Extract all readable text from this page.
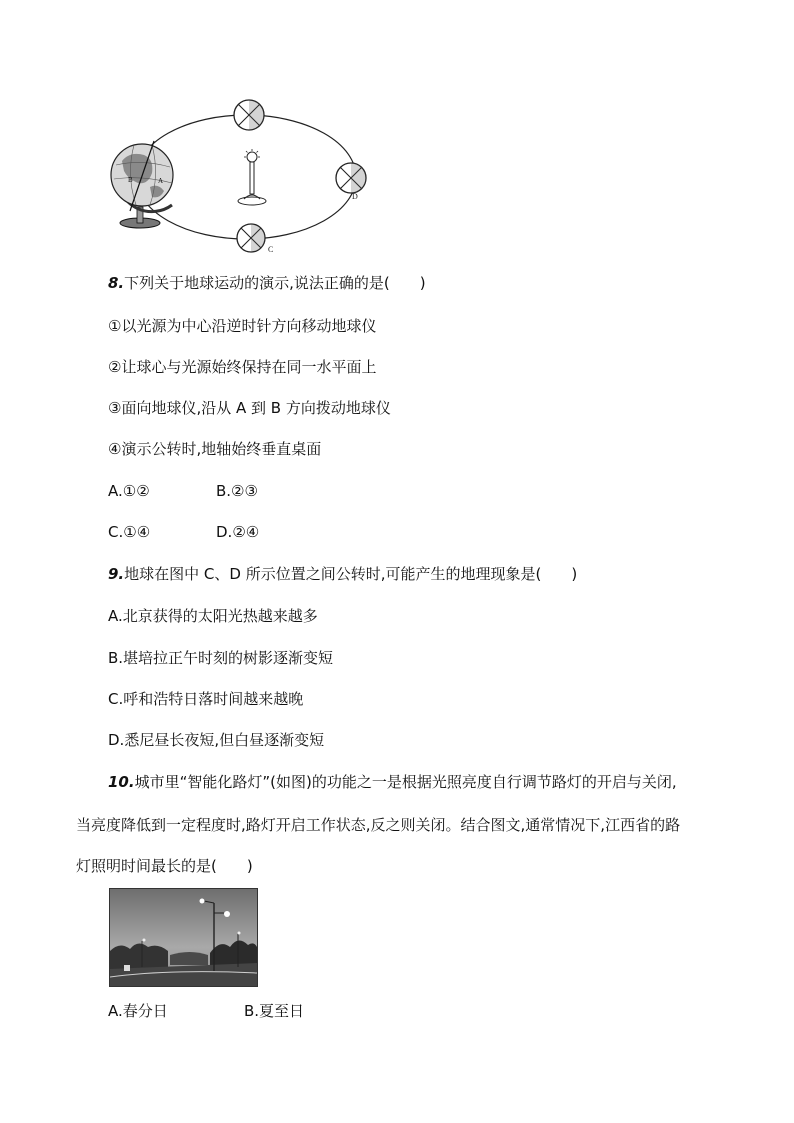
D
C
B	A
8.下列关于地球运动的演示,说法正确的是( )
①以光源为中心沿逆时针方向移动地球仪
②让球心与光源始终保持在同一水平面上
③面向地球仪,沿从 A 到 B 方向拨动地球仪
④演示公转时,地轴始终垂直桌面
A.①②	B.②③
C.①④	D.②④
9.地球在图中 C、D 所示位置之间公转时,可能产生的地理现象是( )
A.北京获得的太阳光热越来越多
B.堪培拉正午时刻的树影逐渐变短
C.呼和浩特日落时间越来越晚
D.悉尼昼长夜短,但白昼逐渐变短
10.城市里“智能化路灯”(如图)的功能之一是根据光照亮度自行调节路灯的开启与关闭,
当亮度降低到一定程度时,路灯开启工作状态,反之则关闭。结合图文,通常情况下,江西省的路
灯照明时间最长的是( )
A.春分日	B.夏至日
